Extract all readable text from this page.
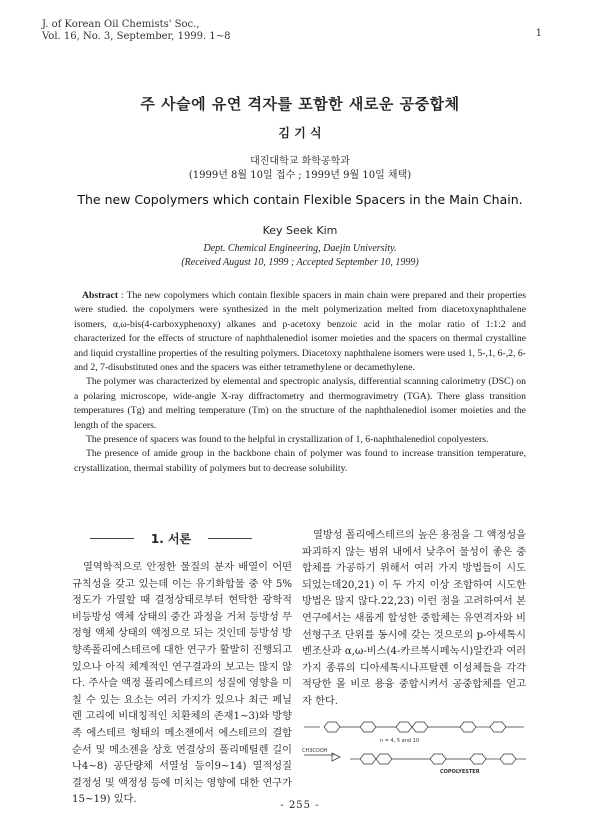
J. of Korean Oil Chemists' Soc.,
Vol. 16, No. 3, September, 1999. 1~8	1
주 사슬에 유연 격자를 포함한 새로운 공중합체
김 기 식
대진대학교 화학공학과
(1999년 8월 10일 접수 ; 1999년 9월 10일 채택)
The new Copolymers which contain Flexible Spacers in the Main Chain.
Key Seek Kim
Dept. Chemical Engineering, Daejin University.
(Received August 10, 1999 ; Accepted September 10, 1999)

Abstract : The new copolymers which contain flexible spacers in main chain were prepared and their properties were studied. the copolymers were synthesized in the melt polymerization melted from diacetoxynaphthalene isomers, α,ω-bis(4-carboxyphenoxy) alkanes and p-acetoxy benzoic acid in the molar ratio of 1:1:2 and characterized for the effects of structure of naphthalenediol isomer moieties and the spacers on thermal crystalline and liquid crystalline properties of the resulting polymers. Diacetoxy naphthalene isomers were used 1, 5-,1, 6-,2, 6-and 2, 7-disubstituted ones and the spacers was either tetramethylene or decamethylene.

The polymer was characterized by elemental and spectropic analysis, differential scanning calorimetry (DSC) on a polaring microscope, wide-angle X-ray diffractometry and thermogravimetry (TGA). There glass transition temperatures (Tg) and melting temperature (Tm) on the structure of the naphthalenediol isomer moieties and the length of the spacers.

The presence of spacers was found to the helpful in crystallization of 1, 6-naphthalenediol copolyesters.

The presence of amide group in the backbone chain of polymer was found to increase transition temperature, crystallization, thermal stability of polymers but to decrease solubility.

1. 서론

열역학적으로 안정한 물질의 분자 배열이 어떤 규칙성을 갖고 있는데 이는 유기화합물 중 약 5% 정도가 가열할 때 결정상태로부터 현탁한 광학적 비등방성 액체 상태의 중간 과정을 거쳐 등방성 무정형 액체 상태의 액정으로 되는 것인데 등방성 방향족폴리에스테르에 대한 연구가 활발히 진행되고 있으나 아직 체계적인 연구결과의 보고는 많지 않다. 주사슬 액정 폴리에스테르의 성질에 영향을 미칠 수 있는 요소는 여러 가지가 있으나 최근 페닐렌 고리에 비대칭적인 치환체의 존재1~3)와 방향족 에스테르 형태의 메소젠에서 에스테르의 결합순서 및 메소젠을 상호 연결상의 폴리메틸렌 길이나4~8) 공단량체 서열성 등이9~14) 열적성질 결정성 및 액정성 등에 미치는 영향에 대한 연구가15~19) 있다.

열방성 폴리에스테르의 높은 용점을 그 액정성을 파괴하지 않는 범위 내에서 낮추어 물성이 좋은 중합체를 가공하기 위해서 여러 가지 방법들이 시도되었는데20,21) 이 두 가지 이상 조합하여 시도한 방법은 많지 않다.22,23) 이런 점을 고려하여서 본 연구에서는 새롭게 합성한 중합체는 유연격자와 비선형구조 단위를 동시에 갖는 것으로의 p-아세톡시벤조산과 α,ω-비스(4-카르복시페녹시)알칸과 여러 가지 종류의 디아세톡시나프탈렌 이성체들을 각각 적당한 몰 비로 용융 중합시켜서 공중합체를 얻고자 한다.

n = 4, 5 and 10
CH3COOH
COPOLYESTER
- 255 -
